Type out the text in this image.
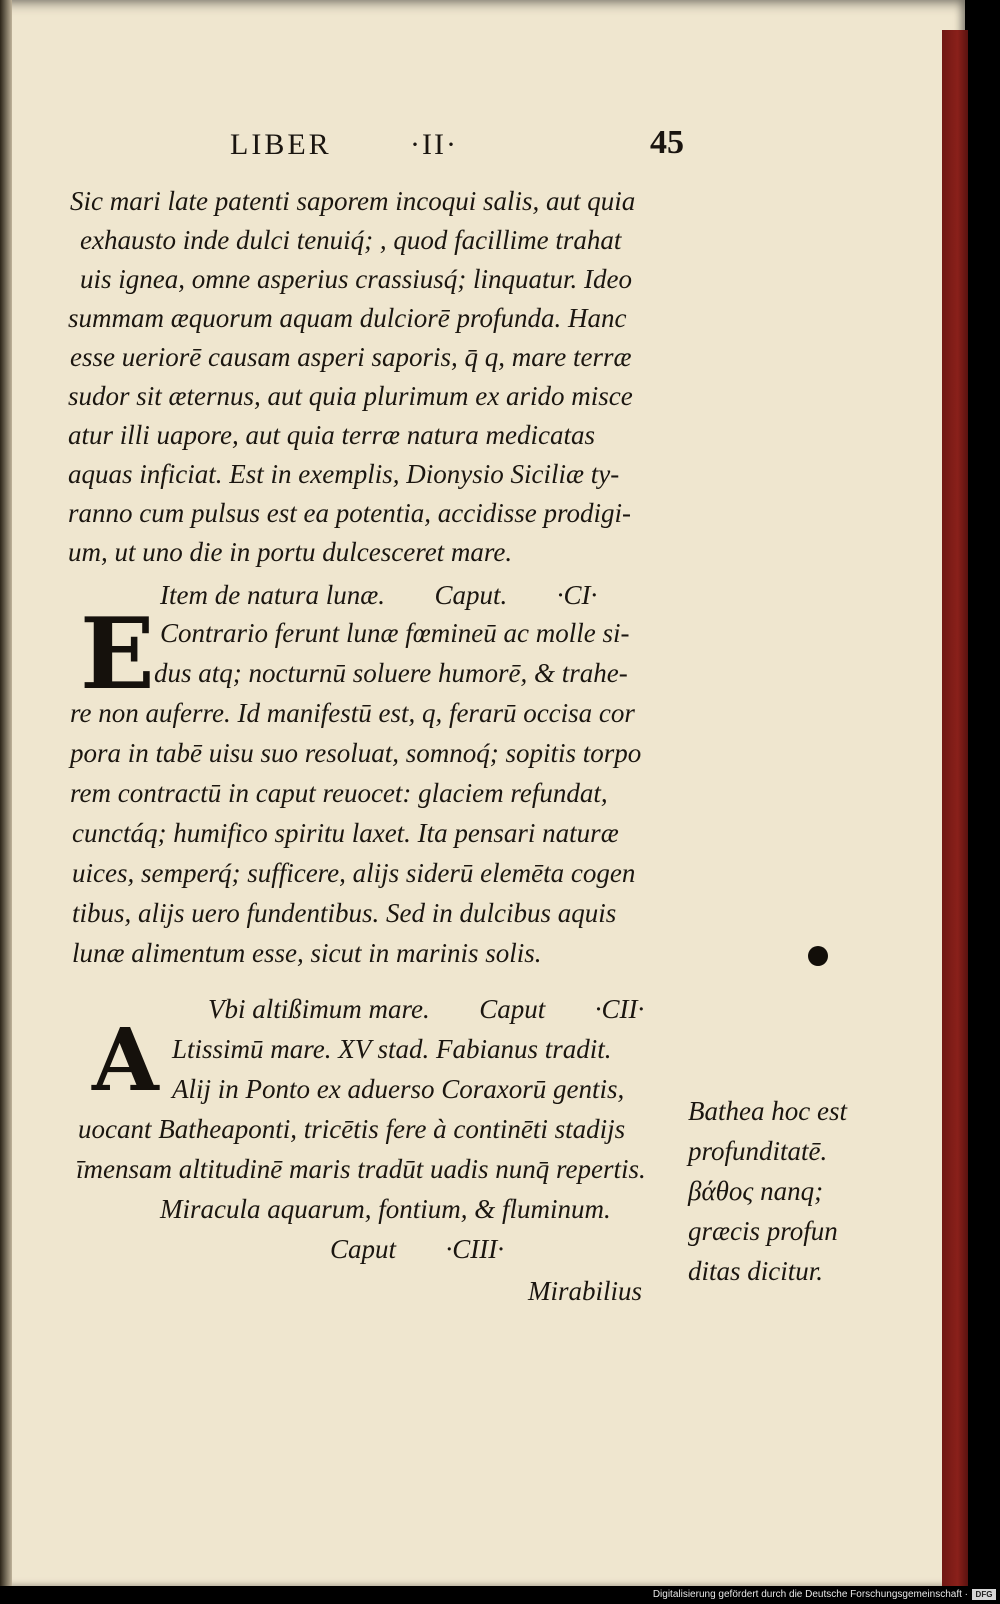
LIBER	·II·	45
Sic mari late patenti saporem incoqui salis, aut quia
exhausto inde dulci tenuiq́; , quod facillime trahat
uis ignea, omne asperius crassiusq́; linquatur. Ideo
summam æquorum aquam dulciorē profunda. Hanc
esse ueriorē causam asperi saporis, q̄ q, mare terræ
sudor sit æternus, aut quia plurimum ex arido misce
atur illi uapore, aut quia terræ natura medicatas
aquas inficiat. Est in exemplis, Dionysio Siciliæ ty-
ranno cum pulsus est ea potentia, accidisse prodigi-
um, ut uno die in portu dulcesceret mare.
Item de natura lunæ. Caput. ·CI·
E Contrario ferunt lunæ fœmineū ac molle si-
dus atq; nocturnū soluere humorē, & trahe-
re non auferre. Id manifestū est, q, ferarū occisa cor
pora in tabē uisu suo resoluat, somnoq́; sopitis torpo
rem contractū in caput reuocet: glaciem refundat,
cunctáq; humifico spiritu laxet. Ita pensari naturæ
uices, semperq́; sufficere, alijs siderū elemēta cogen
tibus, alijs uero fundentibus. Sed in dulcibus aquis
lunæ alimentum esse, sicut in marinis solis.
Vbi altißimum mare. Caput ·CII·
A Ltissimū mare. XV stad. Fabianus tradit.
Alij in Ponto ex aduerso Coraxorū gentis,
uocant Batheaponti, tricētis fere à continēti stadijs
īmensam altitudinē maris tradūt uadis nunq̄ repertis.
Miracula aquarum, fontium, & fluminum.
Caput ·CIII·
Mirabilius
Bathea hoc est
profunditatē.
βάθος nanq;
græcis profun
ditas dicitur.
Digitalisierung gefördert durch die Deutsche Forschungsgemeinschaft · DFG
